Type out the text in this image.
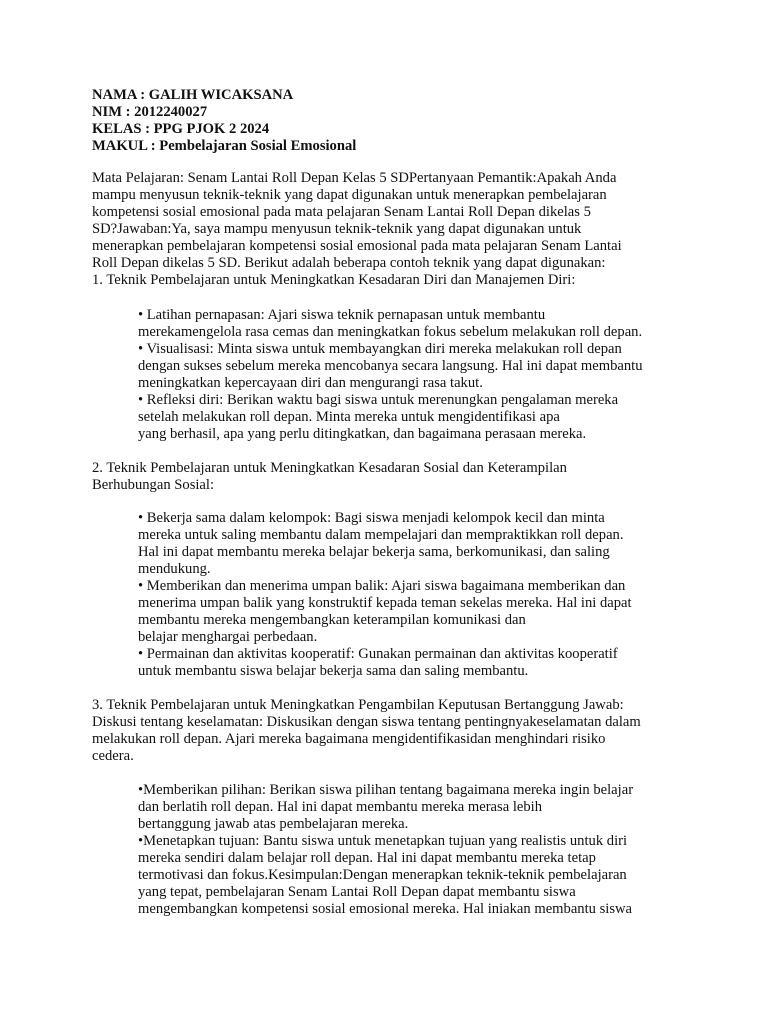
NAMA : GALIH WICAKSANA

NIM : 2012240027

KELAS : PPG PJOK 2 2024

MAKUL : Pembelajaran Sosial Emosional

Mata Pelajaran: Senam Lantai Roll Depan Kelas 5 SDPertanyaan Pemantik:Apakah Anda

mampu menyusun teknik-teknik yang dapat digunakan untuk menerapkan pembelajaran

kompetensi sosial emosional pada mata pelajaran Senam Lantai Roll Depan dikelas 5

SD?Jawaban:Ya, saya mampu menyusun teknik-teknik yang dapat digunakan untuk

menerapkan pembelajaran kompetensi sosial emosional pada mata pelajaran Senam Lantai

Roll Depan dikelas 5 SD. Berikut adalah beberapa contoh teknik yang dapat digunakan:

1. Teknik Pembelajaran untuk Meningkatkan Kesadaran Diri dan Manajemen Diri:

• Latihan pernapasan: Ajari siswa teknik pernapasan untuk membantu

merekamengelola rasa cemas dan meningkatkan fokus sebelum melakukan roll depan.

• Visualisasi: Minta siswa untuk membayangkan diri mereka melakukan roll depan

dengan sukses sebelum mereka mencobanya secara langsung. Hal ini dapat membantu

meningkatkan kepercayaan diri dan mengurangi rasa takut.

• Refleksi diri: Berikan waktu bagi siswa untuk merenungkan pengalaman mereka

setelah melakukan roll depan. Minta mereka untuk mengidentifikasi apa

yang berhasil, apa yang perlu ditingkatkan, dan bagaimana perasaan mereka.

2. Teknik Pembelajaran untuk Meningkatkan Kesadaran Sosial dan Keterampilan

Berhubungan Sosial:

• Bekerja sama dalam kelompok: Bagi siswa menjadi kelompok kecil dan minta

mereka untuk saling membantu dalam mempelajari dan mempraktikkan roll depan.

Hal ini dapat membantu mereka belajar bekerja sama, berkomunikasi, dan saling

mendukung.

• Memberikan dan menerima umpan balik: Ajari siswa bagaimana memberikan dan

menerima umpan balik yang konstruktif kepada teman sekelas mereka. Hal ini dapat

membantu mereka mengembangkan keterampilan komunikasi dan

belajar menghargai perbedaan.

• Permainan dan aktivitas kooperatif: Gunakan permainan dan aktivitas kooperatif

untuk membantu siswa belajar bekerja sama dan saling membantu.

3. Teknik Pembelajaran untuk Meningkatkan Pengambilan Keputusan Bertanggung Jawab:

Diskusi tentang keselamatan: Diskusikan dengan siswa tentang pentingnyakeselamatan dalam

melakukan roll depan. Ajari mereka bagaimana mengidentifikasidan menghindari risiko

cedera.

•Memberikan pilihan: Berikan siswa pilihan tentang bagaimana mereka ingin belajar

dan berlatih roll depan. Hal ini dapat membantu mereka merasa lebih

bertanggung jawab atas pembelajaran mereka.

•Menetapkan tujuan: Bantu siswa untuk menetapkan tujuan yang realistis untuk diri

mereka sendiri dalam belajar roll depan. Hal ini dapat membantu mereka tetap

termotivasi dan fokus.Kesimpulan:Dengan menerapkan teknik-teknik pembelajaran

yang tepat, pembelajaran Senam Lantai Roll Depan dapat membantu siswa

mengembangkan kompetensi sosial emosional mereka. Hal iniakan membantu siswa
